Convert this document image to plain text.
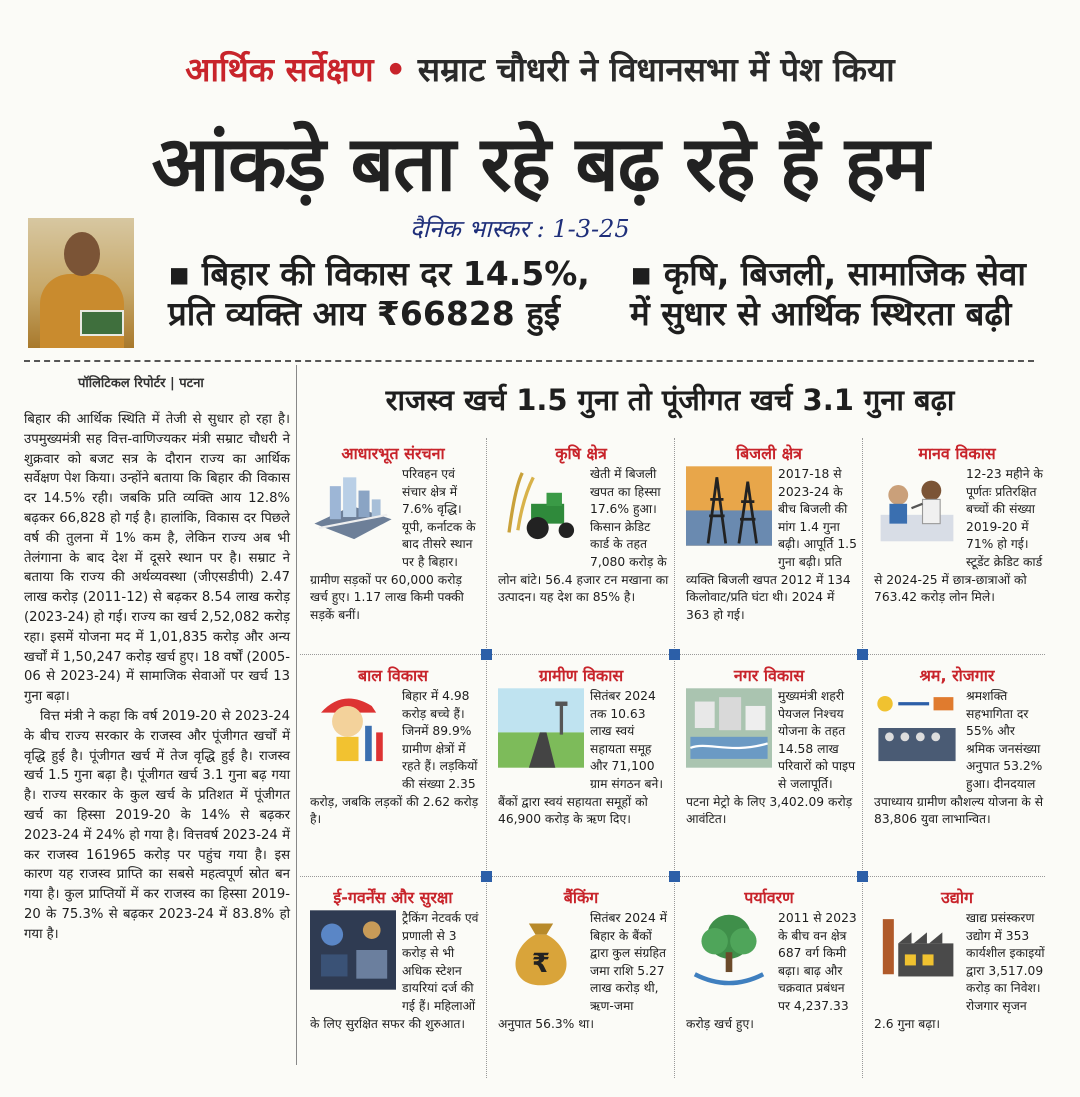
आर्थिक सर्वेक्षण • सम्राट चौधरी ने विधानसभा में पेश किया
आंकड़े बता रहे बढ़ रहे हैं हम
दैनिक भास्कर : 1-3-25
▪ बिहार की विकास दर 14.5%, प्रति व्यक्ति आय ₹66828 हुई
▪ कृषि, बिजली, सामाजिक सेवा में सुधार से आर्थिक स्थिरता बढ़ी
पॉलिटिकल रिपोर्टर | पटना

बिहार की आर्थिक स्थिति में तेजी से सुधार हो रहा है। उपमुख्यमंत्री सह वित्त-वाणिज्यकर मंत्री सम्राट चौधरी ने शुक्रवार को बजट सत्र के दौरान राज्य का आर्थिक सर्वेक्षण पेश किया। उन्होंने बताया कि बिहार की विकास दर 14.5% रही। जबकि प्रति व्यक्ति आय 12.8% बढ़कर 66,828 हो गई है। हालांकि, विकास दर पिछले वर्ष की तुलना में 1% कम है, लेकिन राज्य अब भी तेलंगाना के बाद देश में दूसरे स्थान पर है। सम्राट ने बताया कि राज्य की अर्थव्यवस्था (जीएसडीपी) 2.47 लाख करोड़ (2011-12) से बढ़कर 8.54 लाख करोड़ (2023-24) हो गई। राज्य का खर्च 2,52,082 करोड़ रहा। इसमें योजना मद में 1,01,835 करोड़ और अन्य खर्चों में 1,50,247 करोड़ खर्च हुए। 18 वर्षों (2005-06 से 2023-24) में सामाजिक सेवाओं पर खर्च 13 गुना बढ़ा।

वित्त मंत्री ने कहा कि वर्ष 2019-20 से 2023-24 के बीच राज्य सरकार के राजस्व और पूंजीगत खर्चों में वृद्धि हुई है। पूंजीगत खर्च में तेज वृद्धि हुई है। राजस्व खर्च 1.5 गुना बढ़ा है। पूंजीगत खर्च 3.1 गुना बढ़ गया है। राज्य सरकार के कुल खर्च के प्रतिशत में पूंजीगत खर्च का हिस्सा 2019-20 के 14% से बढ़कर 2023-24 में 24% हो गया है। वित्तवर्ष 2023-24 में कर राजस्व 161965 करोड़ पर पहुंच गया है। इस कारण यह राजस्व प्राप्ति का सबसे महत्वपूर्ण स्रोत बन गया है। कुल प्राप्तियों में कर राजस्व का हिस्सा 2019-20 के 75.3% से बढ़कर 2023-24 में 83.8% हो गया है।

राजस्व खर्च 1.5 गुना तो पूंजीगत खर्च 3.1 गुना बढ़ा
आधारभूत संरचना
परिवहन एवं संचार क्षेत्र में 7.6% वृद्धि। यूपी, कर्नाटक के बाद तीसरे स्थान पर है बिहार। ग्रामीण सड़कों पर 60,000 करोड़ खर्च हुए। 1.17 लाख किमी पक्की सड़कें बनीं।
कृषि क्षेत्र
खेती में बिजली खपत का हिस्सा 17.6% हुआ। किसान क्रेडिट कार्ड के तहत 7,080 करोड़ के लोन बांटे। 56.4 हजार टन मखाना का उत्पादन। यह देश का 85% है।
बिजली क्षेत्र
2017-18 से 2023-24 के बीच बिजली की मांग 1.4 गुना बढ़ी। आपूर्ति 1.5 गुना बढ़ी। प्रति व्यक्ति बिजली खपत 2012 में 134 किलोवाट/प्रति घंटा थी। 2024 में 363 हो गई।
मानव विकास
12-23 महीने के पूर्णतः प्रतिरक्षित बच्चों की संख्या 2019-20 में 71% हो गई। स्टूडेंट क्रेडिट कार्ड से 2024-25 में छात्र-छात्राओं को 763.42 करोड़ लोन मिले।
बाल विकास
बिहार में 4.98 करोड़ बच्चे हैं। जिनमें 89.9% ग्रामीण क्षेत्रों में रहते हैं। लड़कियों की संख्या 2.35 करोड़, जबकि लड़कों की 2.62 करोड़ है।
ग्रामीण विकास
सितंबर 2024 तक 10.63 लाख स्वयं सहायता समूह और 71,100 ग्राम संगठन बने। बैंकों द्वारा स्वयं सहायता समूहों को 46,900 करोड़ के ऋण दिए।
नगर विकास
मुख्यमंत्री शहरी पेयजल निश्चय योजना के तहत 14.58 लाख परिवारों को पाइप से जलापूर्ति। पटना मेट्रो के लिए 3,402.09 करोड़ आवंटित।
श्रम, रोजगार
श्रमशक्ति सहभागिता दर 55% और श्रमिक जनसंख्या अनुपात 53.2% हुआ। दीनदयाल उपाध्याय ग्रामीण कौशल्य योजना के से 83,806 युवा लाभान्वित।
ई-गवर्नेंस और सुरक्षा
ट्रैकिंग नेटवर्क एवं प्रणाली से 3 करोड़ से भी अधिक स्टेशन डायरियां दर्ज की गई हैं। महिलाओं के लिए सुरक्षित सफर की शुरुआत।
बैंकिंग
₹
सितंबर 2024 में बिहार के बैंकों द्वारा कुल संग्रहित जमा राशि 5.27 लाख करोड़ थी, ऋण-जमा अनुपात 56.3% था।
पर्यावरण
2011 से 2023 के बीच वन क्षेत्र 687 वर्ग किमी बढ़ा। बाढ़ और चक्रवात प्रबंधन पर 4,237.33 करोड़ खर्च हुए।
उद्योग
खाद्य प्रसंस्करण उद्योग में 353 कार्यशील इकाइयों द्वारा 3,517.09 करोड़ का निवेश। रोजगार सृजन 2.6 गुना बढ़ा।
